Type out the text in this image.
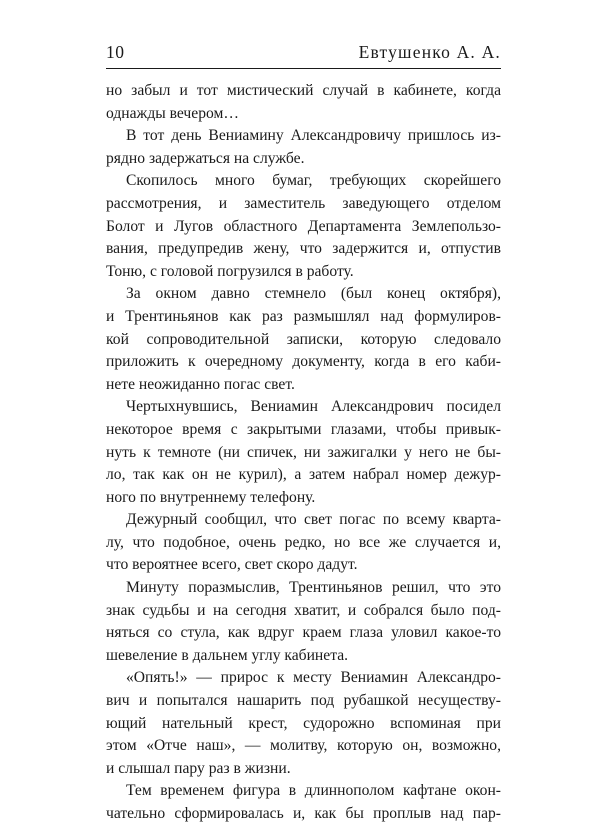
10	Евтушенко А. А.

но забыл и тот мистический случай в кабинете, когда

однажды вечером…

В тот день Вениамину Александровичу пришлось из-

рядно задержаться на службе.

Скопилось много бумаг, требующих скорейшего

рассмотрения, и заместитель заведующего отделом

Болот и Лугов областного Департамента Землепользо-

вания, предупредив жену, что задержится и, отпустив

Тоню, с головой погрузился в работу.

За окном давно стемнело (был конец октября),

и Трентиньянов как раз размышлял над формулиров-

кой сопроводительной записки, которую следовало

приложить к очередному документу, когда в его каби-

нете неожиданно погас свет.

Чертыхнувшись, Вениамин Александрович посидел

некоторое время с закрытыми глазами, чтобы привык-

нуть к темноте (ни спичек, ни зажигалки у него не бы-

ло, так как он не курил), а затем набрал номер дежур-

ного по внутреннему телефону.

Дежурный сообщил, что свет погас по всему кварта-

лу, что подобное, очень редко, но все же случается и,

что вероятнее всего, свет скоро дадут.

Минуту поразмыслив, Трентиньянов решил, что это

знак судьбы и на сегодня хватит, и собрался было под-

няться со стула, как вдруг краем глаза уловил какое-то

шевеление в дальнем углу кабинета.

«Опять!» — прирос к месту Вениамин Александро-

вич и попытался нашарить под рубашкой несуществу-

ющий нательный крест, судорожно вспоминая при

этом «Отче наш», — молитву, которую он, возможно,

и слышал пару раз в жизни.

Тем временем фигура в длиннополом кафтане окон-

чательно сформировалась и, как бы проплыв над пар-
